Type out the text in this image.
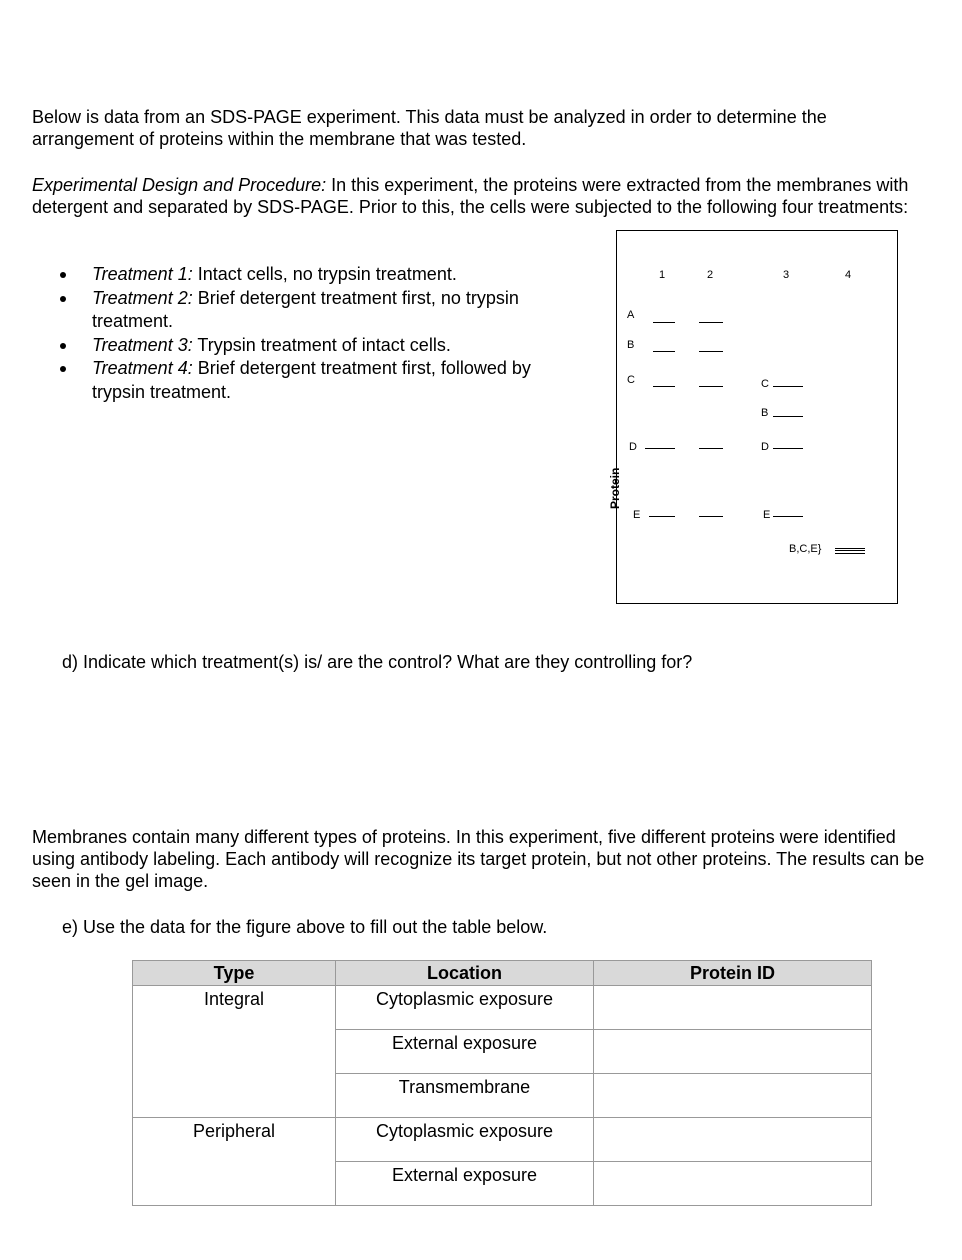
Below is data from an SDS-PAGE experiment. This data must be analyzed in order to determine the arrangement of proteins within the membrane that was tested.

Experimental Design and Procedure: In this experiment, the proteins were extracted from the membranes with detergent and separated by SDS-PAGE. Prior to this, the cells were subjected to the following four treatments:

Treatment 1: Intact cells, no trypsin treatment.
Treatment 2: Brief detergent treatment first, no trypsin treatment.
Treatment 3: Trypsin treatment of intact cells.
Treatment 4: Brief detergent treatment first, followed by trypsin treatment.
Protein
1	2	3	4
A
B
C
D
E
C
B
D
E
B,C,E}

d) Indicate which treatment(s) is/ are the control? What are they controlling for?

Membranes contain many different types of proteins. In this experiment, five different proteins were identified using antibody labeling. Each antibody will recognize its target protein, but not other proteins. The results can be seen in the gel image.

e) Use the data for the figure above to fill out the table below.

Type	Location	Protein ID
Integral	Cytoplasmic exposure	
	External exposure	
	Transmembrane	
Peripheral	Cytoplasmic exposure	
	External exposure	
